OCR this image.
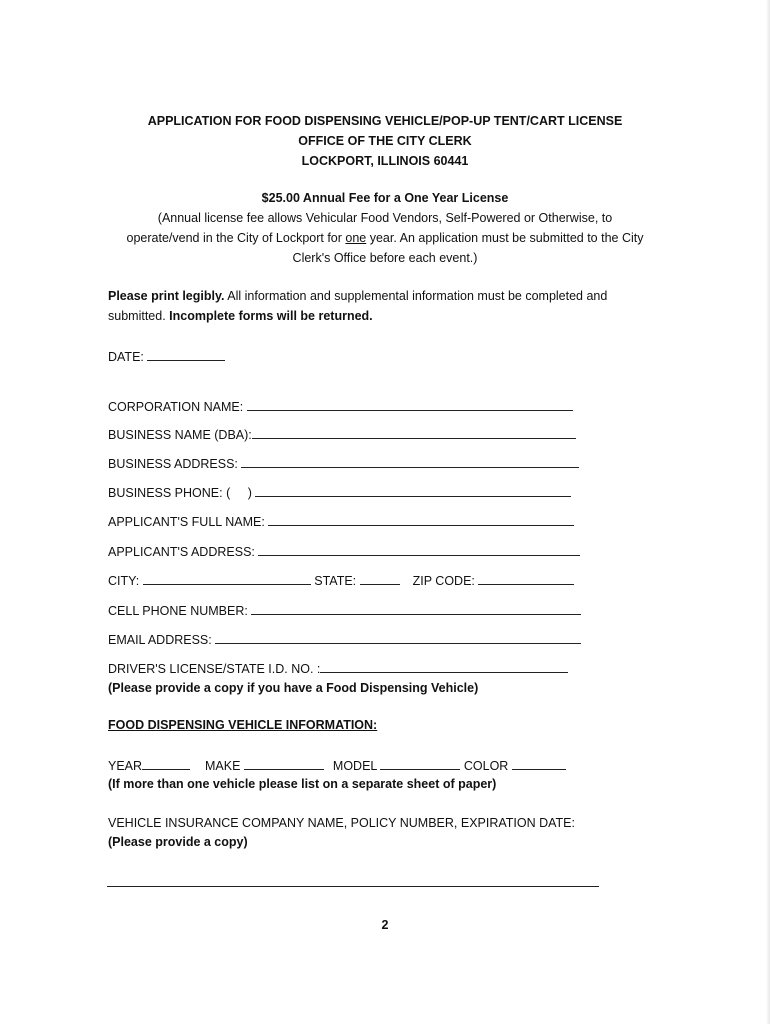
APPLICATION FOR FOOD DISPENSING VEHICLE/POP-UP TENT/CART LICENSE
OFFICE OF THE CITY CLERK
LOCKPORT, ILLINOIS 60441
$25.00 Annual Fee for a One Year License
(Annual license fee allows Vehicular Food Vendors, Self-Powered or Otherwise, to
operate/vend in the City of Lockport for one year. An application must be submitted to the City
Clerk's Office before each event.)
Please print legibly. All information and supplemental information must be completed and
submitted. Incomplete forms will be returned.
DATE:
CORPORATION NAME:
BUSINESS NAME (DBA):
BUSINESS ADDRESS:
BUSINESS PHONE: ( )
APPLICANT'S FULL NAME:
APPLICANT'S ADDRESS:
CITY:	STATE:	ZIP CODE:
CELL PHONE NUMBER:
EMAIL ADDRESS:
DRIVER'S LICENSE/STATE I.D. NO. :
(Please provide a copy if you have a Food Dispensing Vehicle)
FOOD DISPENSING VEHICLE INFORMATION:
YEAR	MAKE	MODEL	COLOR
(If more than one vehicle please list on a separate sheet of paper)
VEHICLE INSURANCE COMPANY NAME, POLICY NUMBER, EXPIRATION DATE:
(Please provide a copy)
2
